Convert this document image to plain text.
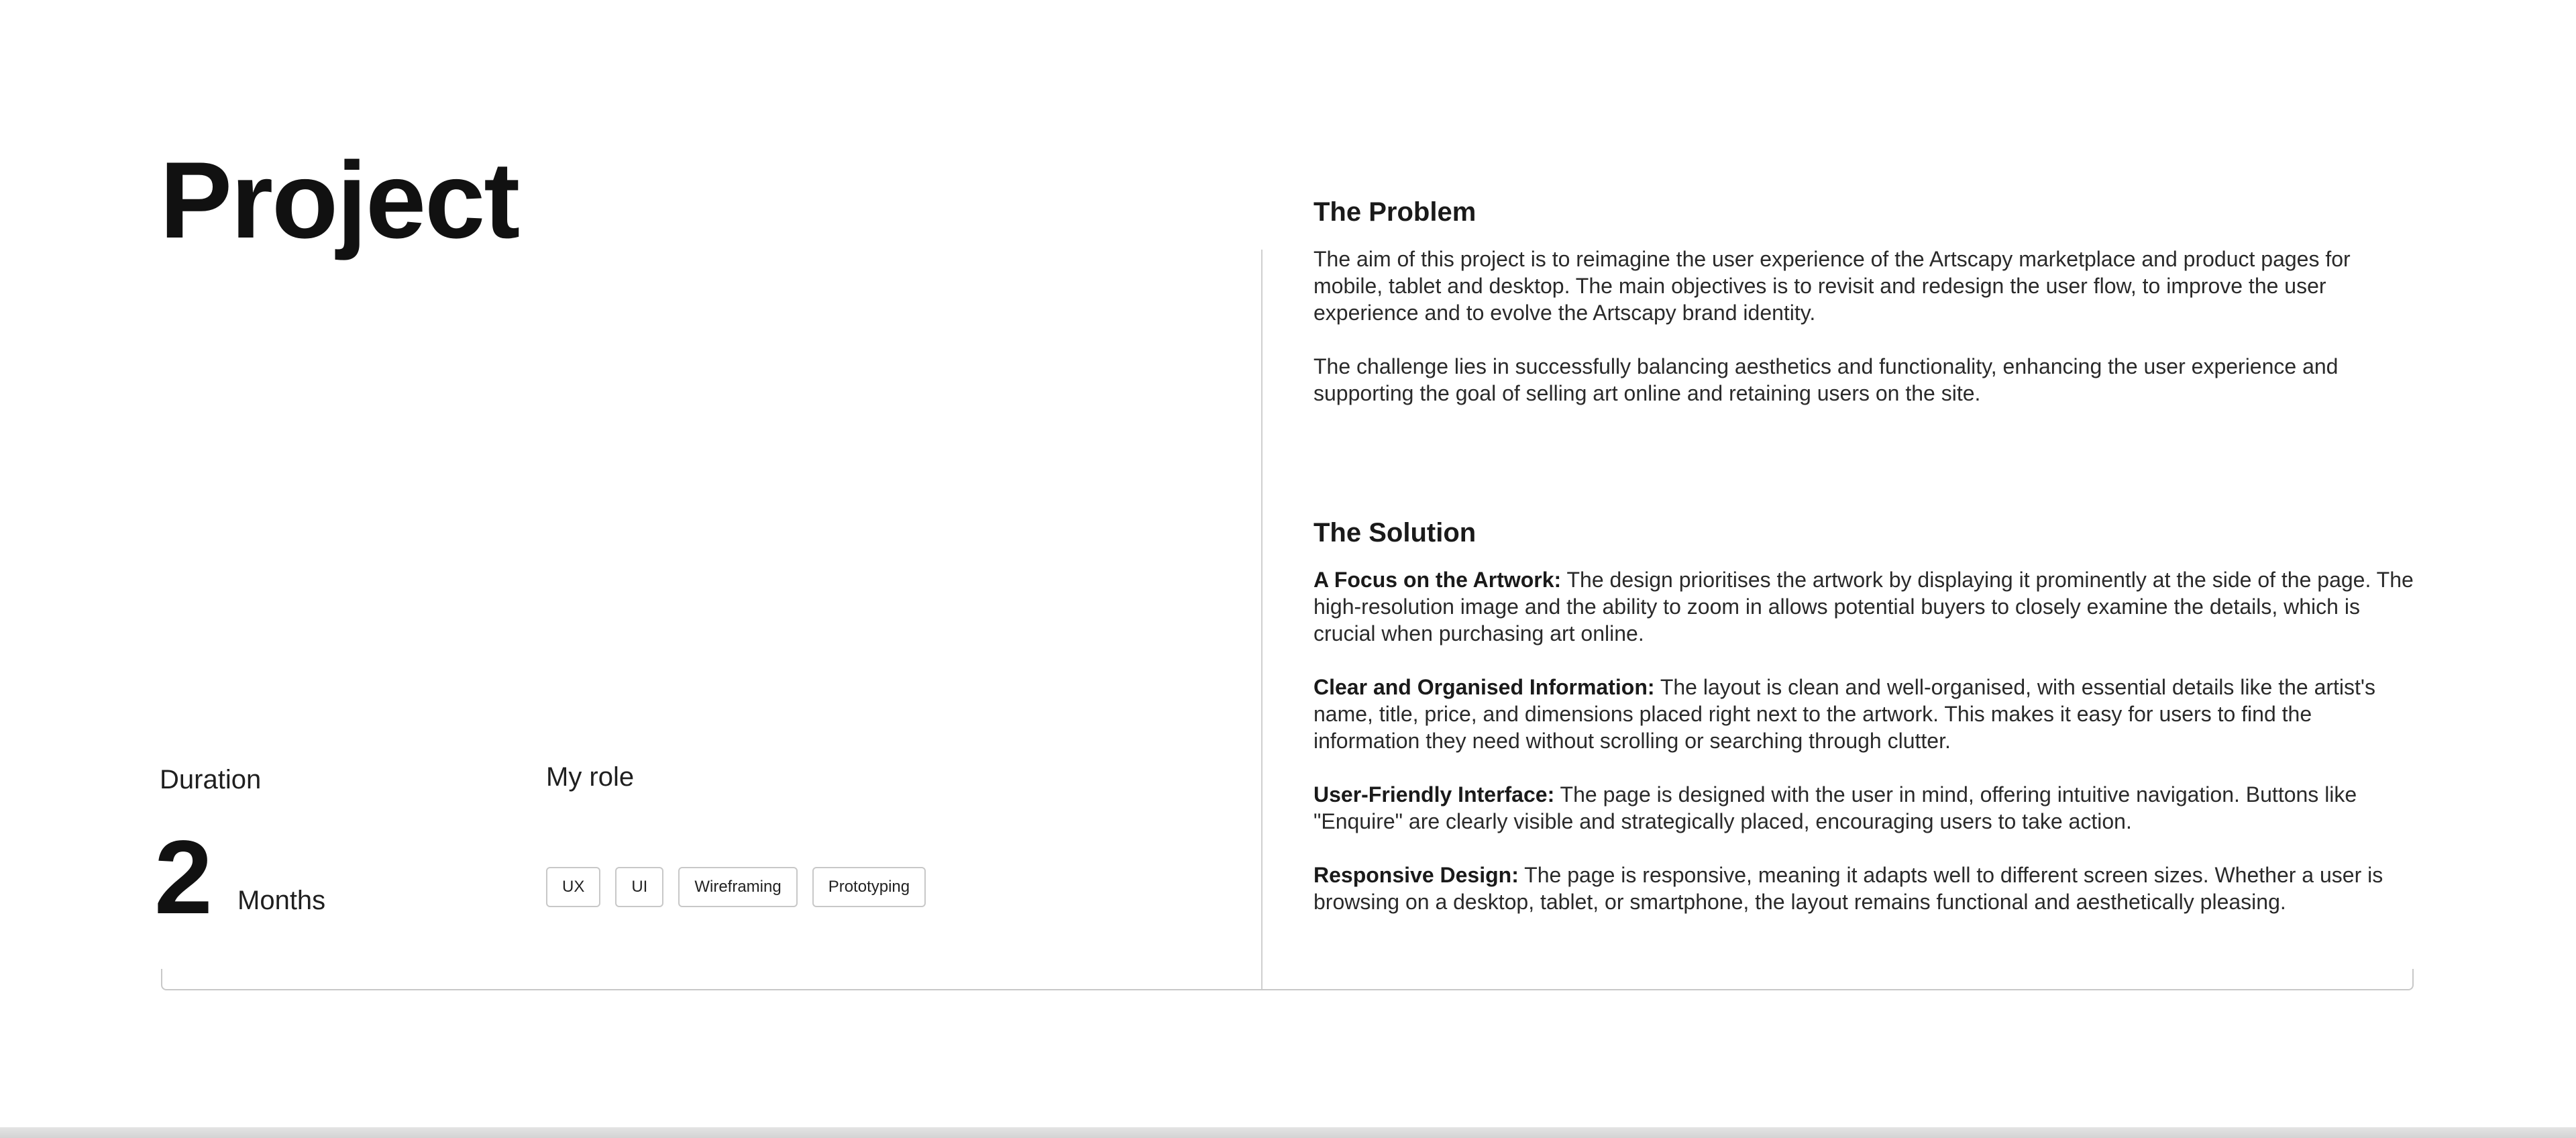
Project
Duration
2 Months
My role
UX	UI	Wireframing	Prototyping
The Problem

The aim of this project is to reimagine the user experience of the Artscapy marketplace and product pages for mobile, tablet and desktop. The main objectives is to revisit and redesign the user flow, to improve the user experience and to evolve the Artscapy brand identity.

The challenge lies in successfully balancing aesthetics and functionality, enhancing the user experience and supporting the goal of selling art online and retaining users on the site.

The Solution

A Focus on the Artwork: The design prioritises the artwork by displaying it prominently at the side of the page. The high-resolution image and the ability to zoom in allows potential buyers to closely examine the details, which is crucial when purchasing art online.

Clear and Organised Information: The layout is clean and well-organised, with essential details like the artist's name, title, price, and dimensions placed right next to the artwork. This makes it easy for users to find the information they need without scrolling or searching through clutter.

User-Friendly Interface: The page is designed with the user in mind, offering intuitive navigation. Buttons like "Enquire" are clearly visible and strategically placed, encouraging users to take action.

Responsive Design: The page is responsive, meaning it adapts well to different screen sizes. Whether a user is browsing on a desktop, tablet, or smartphone, the layout remains functional and aesthetically pleasing.
